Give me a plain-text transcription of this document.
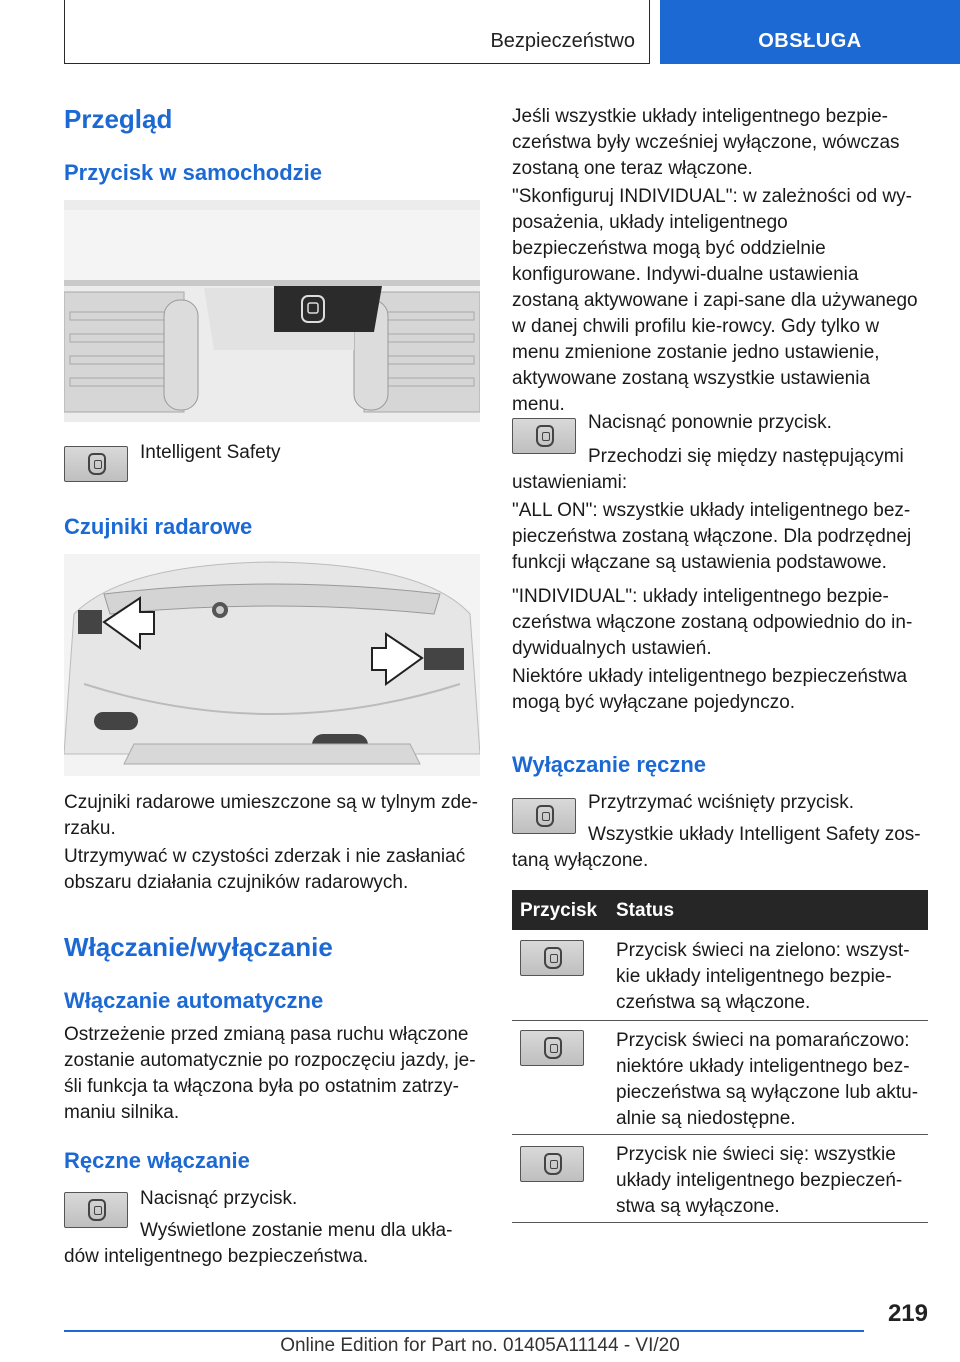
Bezpieczeństwo	OBSŁUGA
Przegląd
Przycisk w samochodzie
Intelligent Safety
Czujniki radarowe
Czujniki radarowe umieszczone są w tylnym zde-rzaku.
Utrzymywać w czystości zderzak i nie zasłaniać obszaru działania czujników radarowych.
Włączanie/wyłączanie
Włączanie automatyczne
Ostrzeżenie przed zmianą pasa ruchu włączone zostanie automatycznie po rozpoczęciu jazdy, je-śli funkcja ta włączona była po ostatnim zatrzy-maniu silnika.
Ręczne włączanie
Nacisnąć przycisk.
Wyświetlone zostanie menu dla ukła-dów inteligentnego bezpieczeństwa.
Jeśli wszystkie układy inteligentnego bezpie-czeństwa były wcześniej wyłączone, wówczas zostaną one teraz włączone.
"Skonfiguruj INDIVIDUAL": w zależności od wy-posażenia, układy inteligentnego bezpieczeństwa mogą być oddzielnie konfigurowane. Indywi-dualne ustawienia zostaną aktywowane i zapi-sane dla używanego w danej chwili profilu kie-rowcy. Gdy tylko w menu zmienione zostanie jedno ustawienie, aktywowane zostaną wszystkie ustawienia menu.
Nacisnąć ponownie przycisk.
Przechodzi się między następującymi ustawieniami:
"ALL ON": wszystkie układy inteligentnego bez-pieczeństwa zostaną włączone. Dla podrzędnej funkcji włączane są ustawienia podstawowe.
"INDIVIDUAL": układy inteligentnego bezpie-czeństwa włączone zostaną odpowiednio do in-dywidualnych ustawień.
Niektóre układy inteligentnego bezpieczeństwa mogą być wyłączane pojedynczo.
Wyłączanie ręczne
Przytrzymać wciśnięty przycisk.
Wszystkie układy Intelligent Safety zos-taną wyłączone.
Przycisk Status
Przycisk świeci na zielono: wszyst-kie układy inteligentnego bezpie-czeństwa są włączone.
Przycisk świeci na pomarańczowo: niektóre układy inteligentnego bez-pieczeństwa są wyłączone lub aktu-alnie są niedostępne.
Przycisk nie świeci się: wszystkie układy inteligentnego bezpieczeń-stwa są wyłączone.
219
Online Edition for Part no. 01405A11144 - VI/20
